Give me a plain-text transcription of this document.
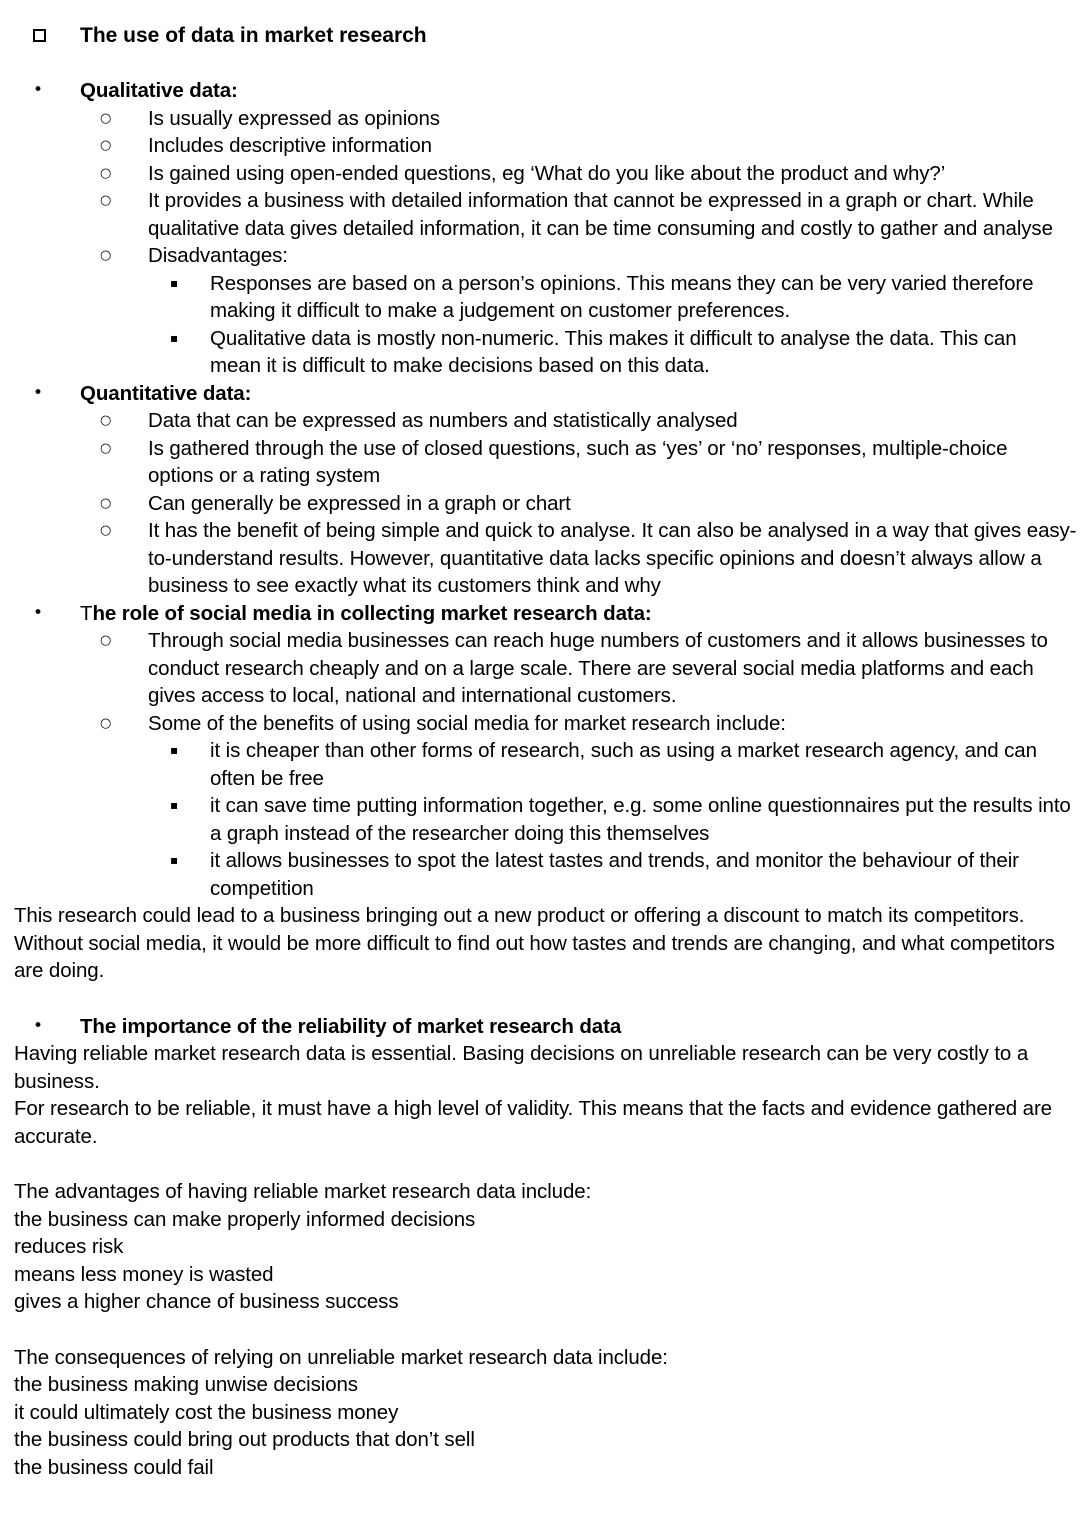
The use of data in market research
• Qualitative data:
○ Is usually expressed as opinions
○ Includes descriptive information
○ Is gained using open-ended questions, eg ‘What do you like about the product and why?’
○ It provides a business with detailed information that cannot be expressed in a graph or chart. While qualitative data gives detailed information, it can be time consuming and costly to gather and analyse
○ Disadvantages:
▪ Responses are based on a person’s opinions. This means they can be very varied therefore making it difficult to make a judgement on customer preferences.
▪ Qualitative data is mostly non-numeric. This makes it difficult to analyse the data. This can mean it is difficult to make decisions based on this data.
• Quantitative data:
○ Data that can be expressed as numbers and statistically analysed
○ Is gathered through the use of closed questions, such as ‘yes’ or ‘no’ responses, multiple-choice options or a rating system
○ Can generally be expressed in a graph or chart
○ It has the benefit of being simple and quick to analyse. It can also be analysed in a way that gives easy-to-understand results. However, quantitative data lacks specific opinions and doesn’t always allow a business to see exactly what its customers think and why
• The role of social media in collecting market research data:
○ Through social media businesses can reach huge numbers of customers and it allows businesses to conduct research cheaply and on a large scale. There are several social media platforms and each gives access to local, national and international customers.
○ Some of the benefits of using social media for market research include:
▪ it is cheaper than other forms of research, such as using a market research agency, and can often be free
▪ it can save time putting information together, e.g. some online questionnaires put the results into a graph instead of the researcher doing this themselves
▪ it allows businesses to spot the latest tastes and trends, and monitor the behaviour of their competition
This research could lead to a business bringing out a new product or offering a discount to match its competitors. Without social media, it would be more difficult to find out how tastes and trends are changing, and what competitors are doing.
• The importance of the reliability of market research data
Having reliable market research data is essential. Basing decisions on unreliable research can be very costly to a business.
For research to be reliable, it must have a high level of validity. This means that the facts and evidence gathered are accurate.
The advantages of having reliable market research data include:
the business can make properly informed decisions
reduces risk
means less money is wasted
gives a higher chance of business success
The consequences of relying on unreliable market research data include:
the business making unwise decisions
it could ultimately cost the business money
the business could bring out products that don’t sell
the business could fail
